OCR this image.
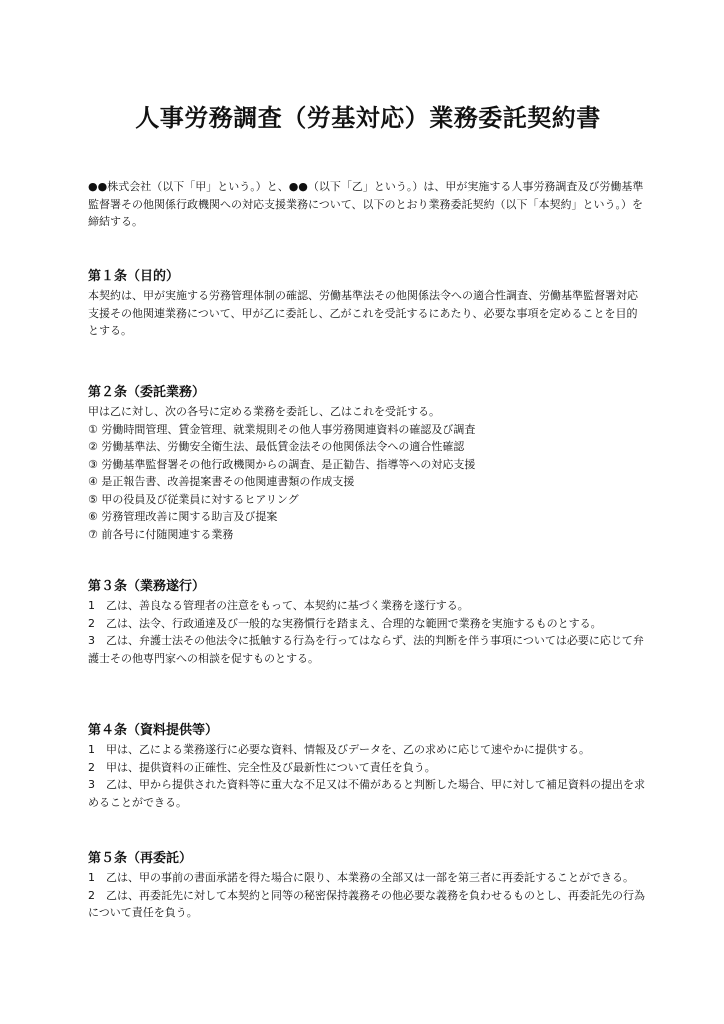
人事労務調査（労基対応）業務委託契約書

●●株式会社（以下「甲」という。）と、●●（以下「乙」という。）は、甲が実施する人事労務調査及び労働基準監督署その他関係行政機関への対応支援業務について、以下のとおり業務委託契約（以下「本契約」という。）を締結する。

第１条（目的）
本契約は、甲が実施する労務管理体制の確認、労働基準法その他関係法令への適合性調査、労働基準監督署対応支援その他関連業務について、甲が乙に委託し、乙がこれを受託するにあたり、必要な事項を定めることを目的とする。
第２条（委託業務）
甲は乙に対し、次の各号に定める業務を委託し、乙はこれを受託する。
① 労働時間管理、賃金管理、就業規則その他人事労務関連資料の確認及び調査
② 労働基準法、労働安全衛生法、最低賃金法その他関係法令への適合性確認
③ 労働基準監督署その他行政機関からの調査、是正勧告、指導等への対応支援
④ 是正報告書、改善提案書その他関連書類の作成支援
⑤ 甲の役員及び従業員に対するヒアリング
⑥ 労務管理改善に関する助言及び提案
⑦ 前各号に付随関連する業務
第３条（業務遂行）
1　乙は、善良なる管理者の注意をもって、本契約に基づく業務を遂行する。
2　乙は、法令、行政通達及び一般的な実務慣行を踏まえ、合理的な範囲で業務を実施するものとする。
3　乙は、弁護士法その他法令に抵触する行為を行ってはならず、法的判断を伴う事項については必要に応じて弁護士その他専門家への相談を促すものとする。
第４条（資料提供等）
1　甲は、乙による業務遂行に必要な資料、情報及びデータを、乙の求めに応じて速やかに提供する。
2　甲は、提供資料の正確性、完全性及び最新性について責任を負う。
3　乙は、甲から提供された資料等に重大な不足又は不備があると判断した場合、甲に対して補足資料の提出を求めることができる。
第５条（再委託）
1　乙は、甲の事前の書面承諾を得た場合に限り、本業務の全部又は一部を第三者に再委託することができる。
2　乙は、再委託先に対して本契約と同等の秘密保持義務その他必要な義務を負わせるものとし、再委託先の行為について責任を負う。
